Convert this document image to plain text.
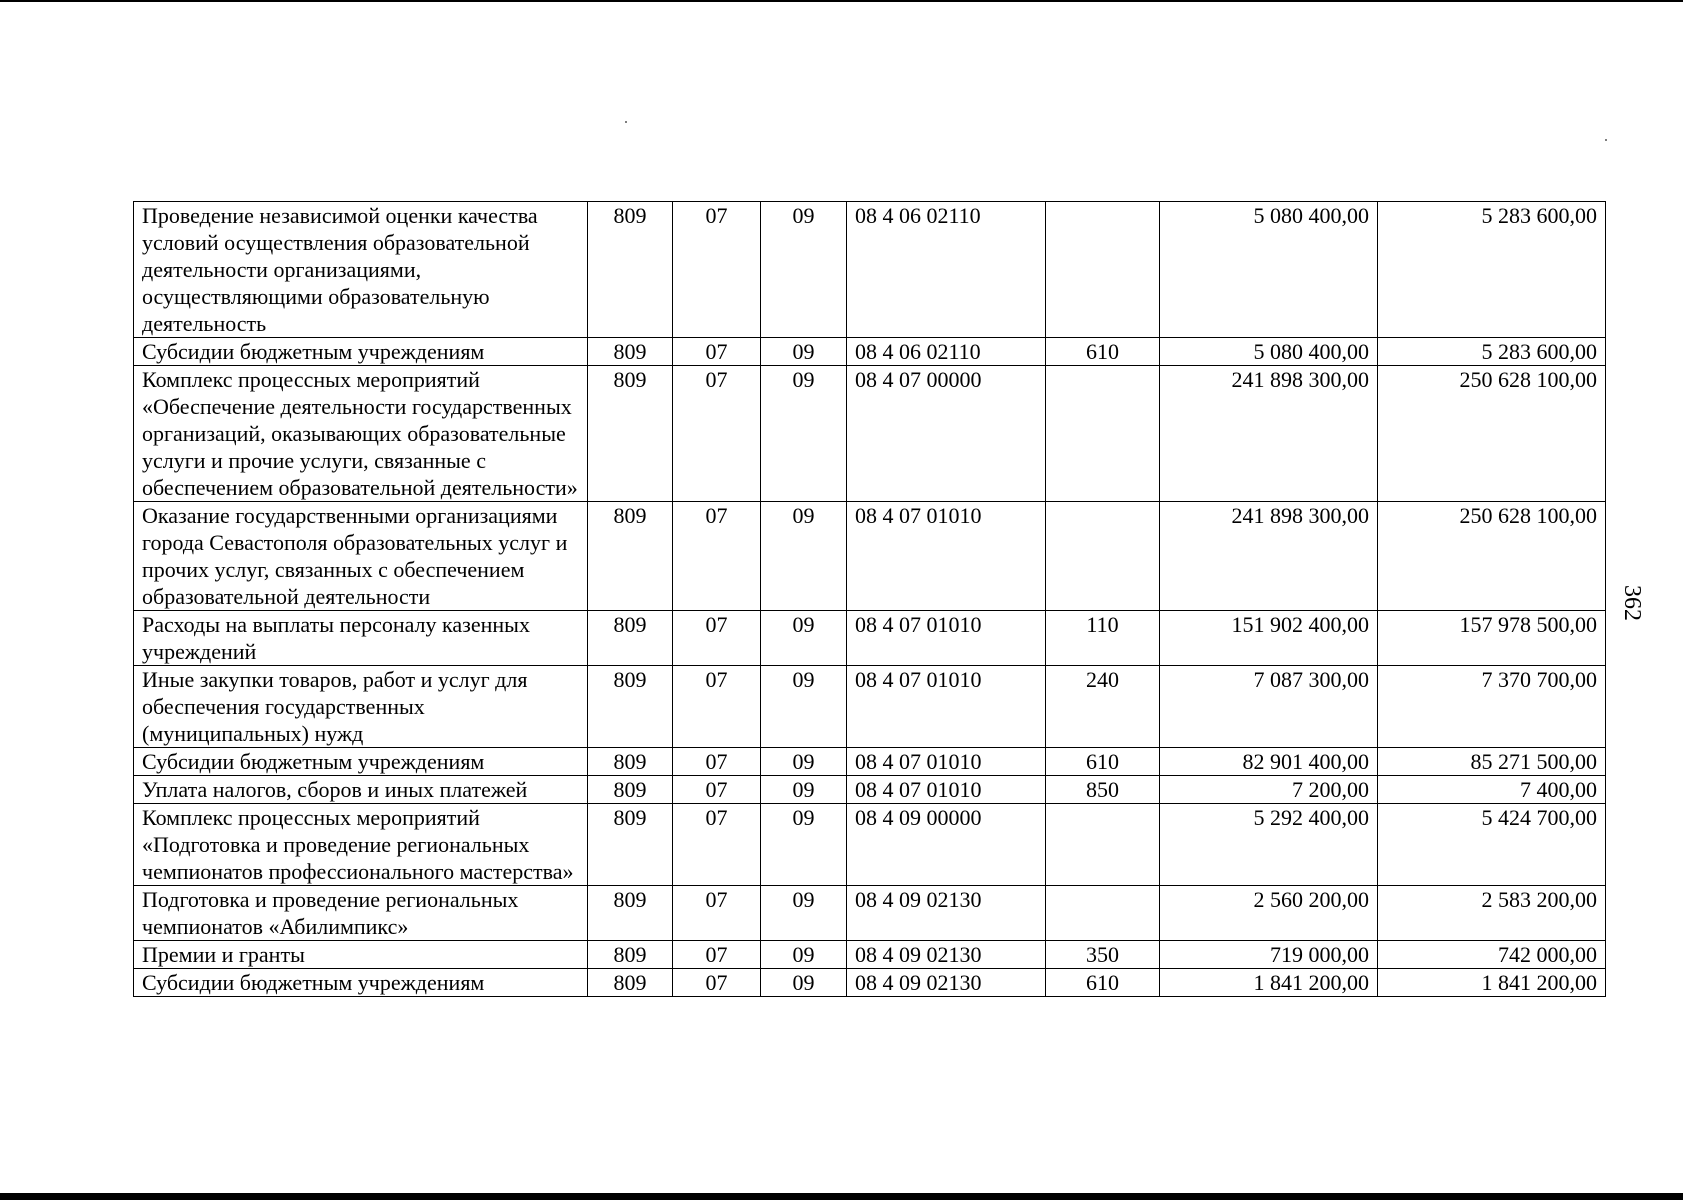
362
Проведение независимой оценки качества условий осуществления образовательной деятельности организациями, осуществляющими образовательную деятельность	809	07	09	08 4 06 02110		5 080 400,00	5 283 600,00
Субсидии бюджетным учреждениям	809	07	09	08 4 06 02110	610	5 080 400,00	5 283 600,00
Комплекс процессных мероприятий «Обеспечение деятельности государственных организаций, оказывающих образовательные услуги и прочие услуги, связанные с обеспечением образовательной деятельности»	809	07	09	08 4 07 00000		241 898 300,00	250 628 100,00
Оказание государственными организациями города Севастополя образовательных услуг и прочих услуг, связанных с обеспечением образовательной деятельности	809	07	09	08 4 07 01010		241 898 300,00	250 628 100,00
Расходы на выплаты персоналу казенных учреждений	809	07	09	08 4 07 01010	110	151 902 400,00	157 978 500,00
Иные закупки товаров, работ и услуг для обеспечения государственных (муниципальных) нужд	809	07	09	08 4 07 01010	240	7 087 300,00	7 370 700,00
Субсидии бюджетным учреждениям	809	07	09	08 4 07 01010	610	82 901 400,00	85 271 500,00
Уплата налогов, сборов и иных платежей	809	07	09	08 4 07 01010	850	7 200,00	7 400,00
Комплекс процессных мероприятий «Подготовка и проведение региональных чемпионатов профессионального мастерства»	809	07	09	08 4 09 00000		5 292 400,00	5 424 700,00
Подготовка и проведение региональных чемпионатов «Абилимпикс»	809	07	09	08 4 09 02130		2 560 200,00	2 583 200,00
Премии и гранты	809	07	09	08 4 09 02130	350	719 000,00	742 000,00
Субсидии бюджетным учреждениям	809	07	09	08 4 09 02130	610	1 841 200,00	1 841 200,00
